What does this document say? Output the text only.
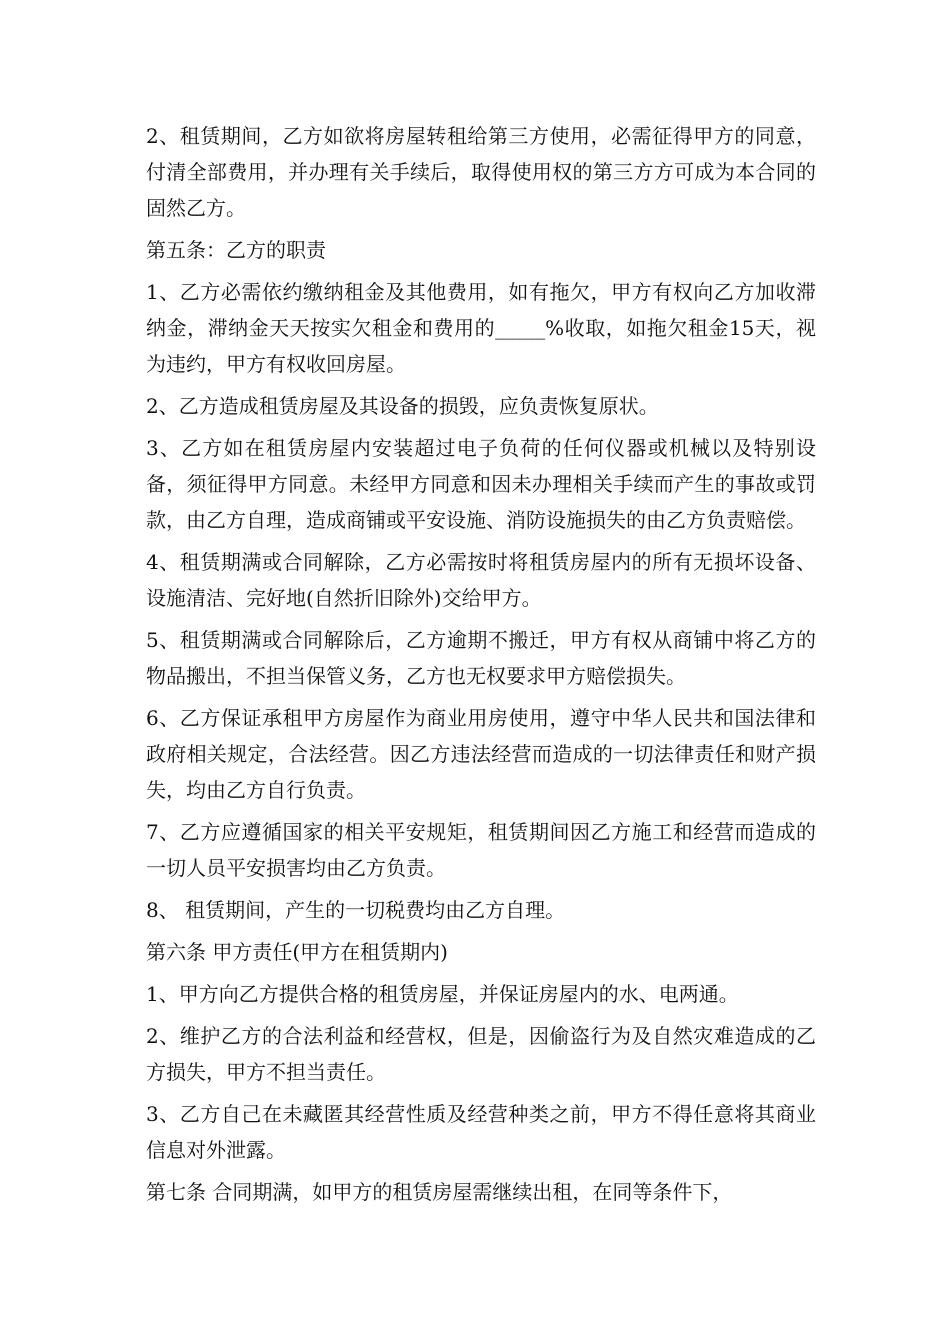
2、租赁期间，乙方如欲将房屋转租给第三方使用，必需征得甲方的同意，付清全部费用，并办理有关手续后，取得使用权的第三方方可成为本合同的固然乙方。

第五条：乙方的职责

1、乙方必需依约缴纳租金及其他费用，如有拖欠，甲方有权向乙方加收滞纳金，滞纳金天天按实欠租金和费用的_____%收取，如拖欠租金15天，视为违约，甲方有权收回房屋。

2、乙方造成租赁房屋及其设备的损毁，应负责恢复原状。

3、乙方如在租赁房屋内安装超过电子负荷的任何仪器或机械以及特别设备，须征得甲方同意。未经甲方同意和因未办理相关手续而产生的事故或罚款，由乙方自理，造成商铺或平安设施、消防设施损失的由乙方负责赔偿。

4、租赁期满或合同解除，乙方必需按时将租赁房屋内的所有无损坏设备、设施清洁、完好地(自然折旧除外)交给甲方。

5、租赁期满或合同解除后，乙方逾期不搬迁，甲方有权从商铺中将乙方的物品搬出，不担当保管义务，乙方也无权要求甲方赔偿损失。

6、乙方保证承租甲方房屋作为商业用房使用，遵守中华人民共和国法律和政府相关规定，合法经营。因乙方违法经营而造成的一切法律责任和财产损失，均由乙方自行负责。

7、乙方应遵循国家的相关平安规矩，租赁期间因乙方施工和经营而造成的一切人员平安损害均由乙方负责。

8、 租赁期间，产生的一切税费均由乙方自理。

第六条 甲方责任(甲方在租赁期内)

1、甲方向乙方提供合格的租赁房屋，并保证房屋内的水、电两通。

2、维护乙方的合法利益和经营权，但是，因偷盗行为及自然灾难造成的乙方损失，甲方不担当责任。

3、乙方自己在未藏匿其经营性质及经营种类之前，甲方不得任意将其商业信息对外泄露。

第七条 合同期满，如甲方的租赁房屋需继续出租，在同等条件下，
